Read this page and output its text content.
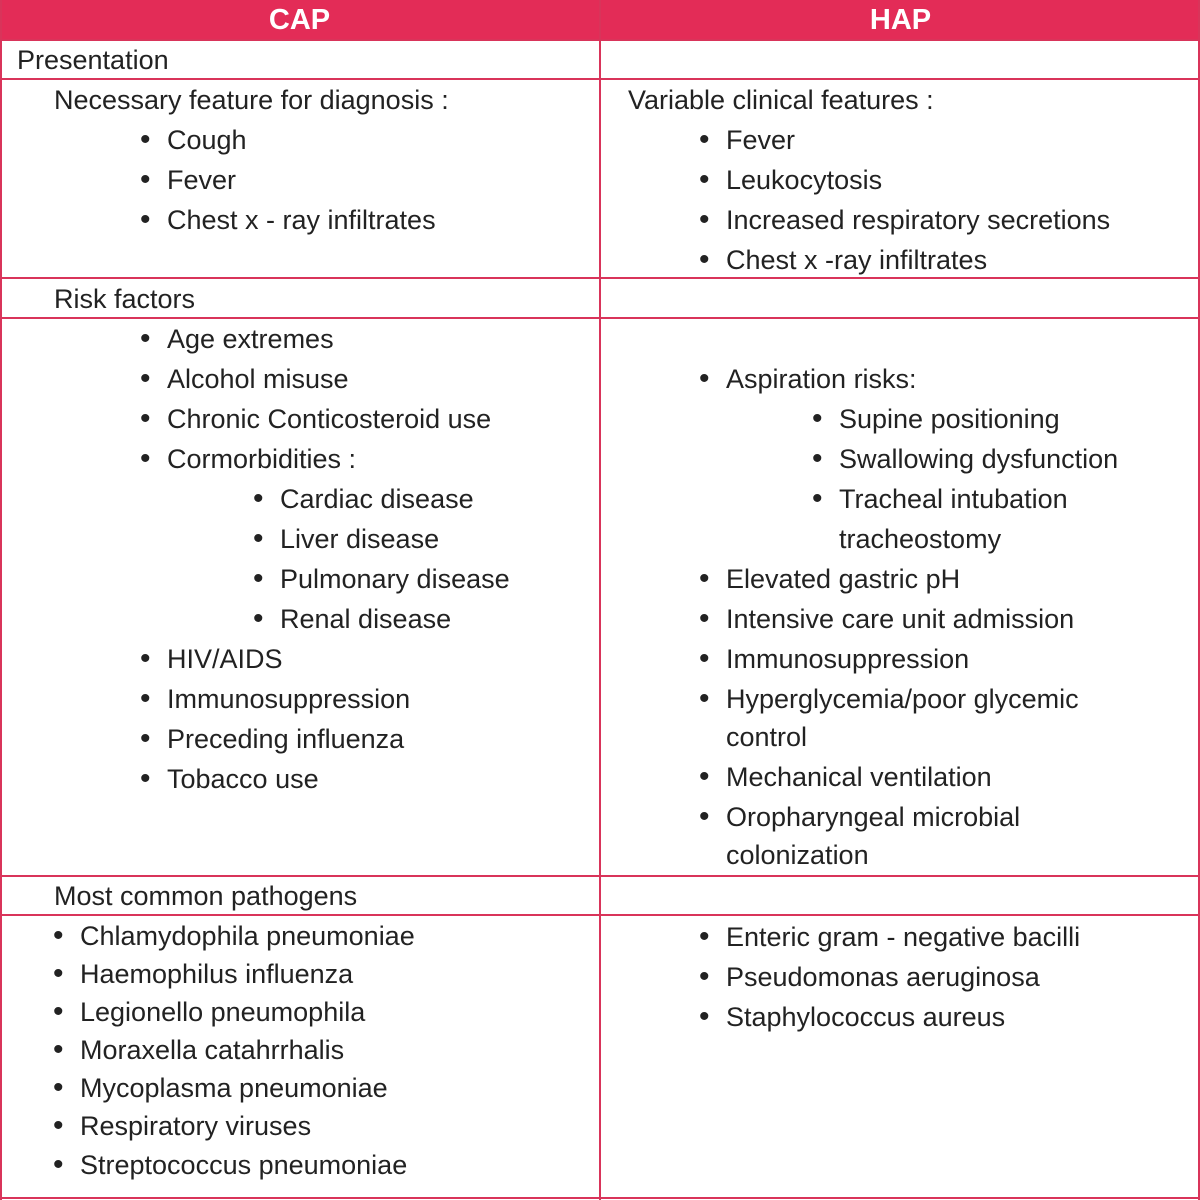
CAP	HAP
Presentation
Risk factors
Most common pathogens
Necessary feature for diagnosis :
• Cough
• Fever
• Chest x - ray infiltrates
Variable clinical features :
• Fever
• Leukocytosis
• Increased respiratory secretions
• Chest x -ray infiltrates
• Age extremes
• Alcohol misuse
• Chronic Conticosteroid use
• Cormorbidities :
• Cardiac disease
• Liver disease
• Pulmonary disease
• Renal disease
• HIV/AIDS
• Immunosuppression
• Preceding influenza
• Tobacco use
• Aspiration risks:
• Supine positioning
• Swallowing dysfunction
• Tracheal intubation
tracheostomy
• Elevated gastric pH
• Intensive care unit admission
• Immunosuppression
• Hyperglycemia/poor glycemic
control
• Mechanical ventilation
• Oropharyngeal microbial
colonization
• Chlamydophila pneumoniae
• Haemophilus influenza
• Legionello pneumophila
• Moraxella catahrrhalis
• Mycoplasma pneumoniae
• Respiratory viruses
• Streptococcus pneumoniae
• Enteric gram - negative bacilli
• Pseudomonas aeruginosa
• Staphylococcus aureus
